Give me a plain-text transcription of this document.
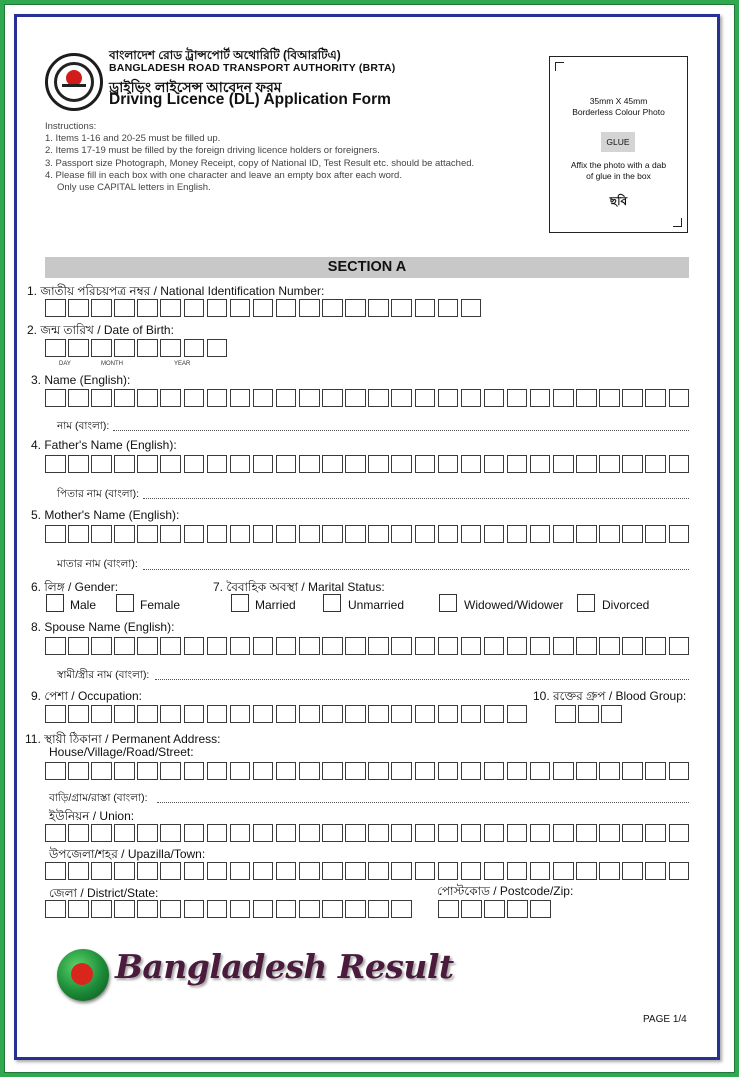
বাংলাদেশ রোড ট্রান্সপোর্ট অথোরিটি (বিআরটিএ)
BANGLADESH ROAD TRANSPORT AUTHORITY (BRTA)
ড্রাইভিং লাইসেন্স আবেদন ফরম
Driving Licence (DL) Application Form
Instructions:
1. Items 1-16 and 20-25 must be filled up.
2. Items 17-19 must be filled by the foreign driving licence holders or foreigners.
3. Passport size Photograph, Money Receipt, copy of National ID, Test Result etc. should be attached.
4. Please fill in each box with one character and leave an empty box after each word.
Only use CAPITAL letters in English.
35mm X 45mm
Borderless Colour Photo
GLUE
Affix the photo with a dab
of glue in the box
ছবি
SECTION A
1. জাতীয় পরিচয়পত্র নম্বর / National Identification Number:
2. জন্ম তারিখ / Date of Birth:
DAY	MONTH	YEAR
3. Name (English):
নাম (বাংলা):
4. Father's Name (English):
পিতার নাম (বাংলা):
5. Mother's Name (English):
মাতার নাম (বাংলা):
6. লিঙ্গ / Gender:	7. বৈবাহিক অবস্থা / Marital Status:
Male	Female	Married	Unmarried	Widowed/Widower	Divorced
8. Spouse Name (English):
স্বামী/স্ত্রীর নাম (বাংলা):
9. পেশা / Occupation:	10. রক্তের গ্রুপ / Blood Group:
11. স্থায়ী ঠিকানা / Permanent Address:
House/Village/Road/Street:
বাড়ি/গ্রাম/রাস্তা (বাংলা):
ইউনিয়ন / Union:
উপজেলা/শহর / Upazilla/Town:
জেলা / District/State:	পোস্টকোড / Postcode/Zip:
Bangladesh Result
PAGE 1/4
